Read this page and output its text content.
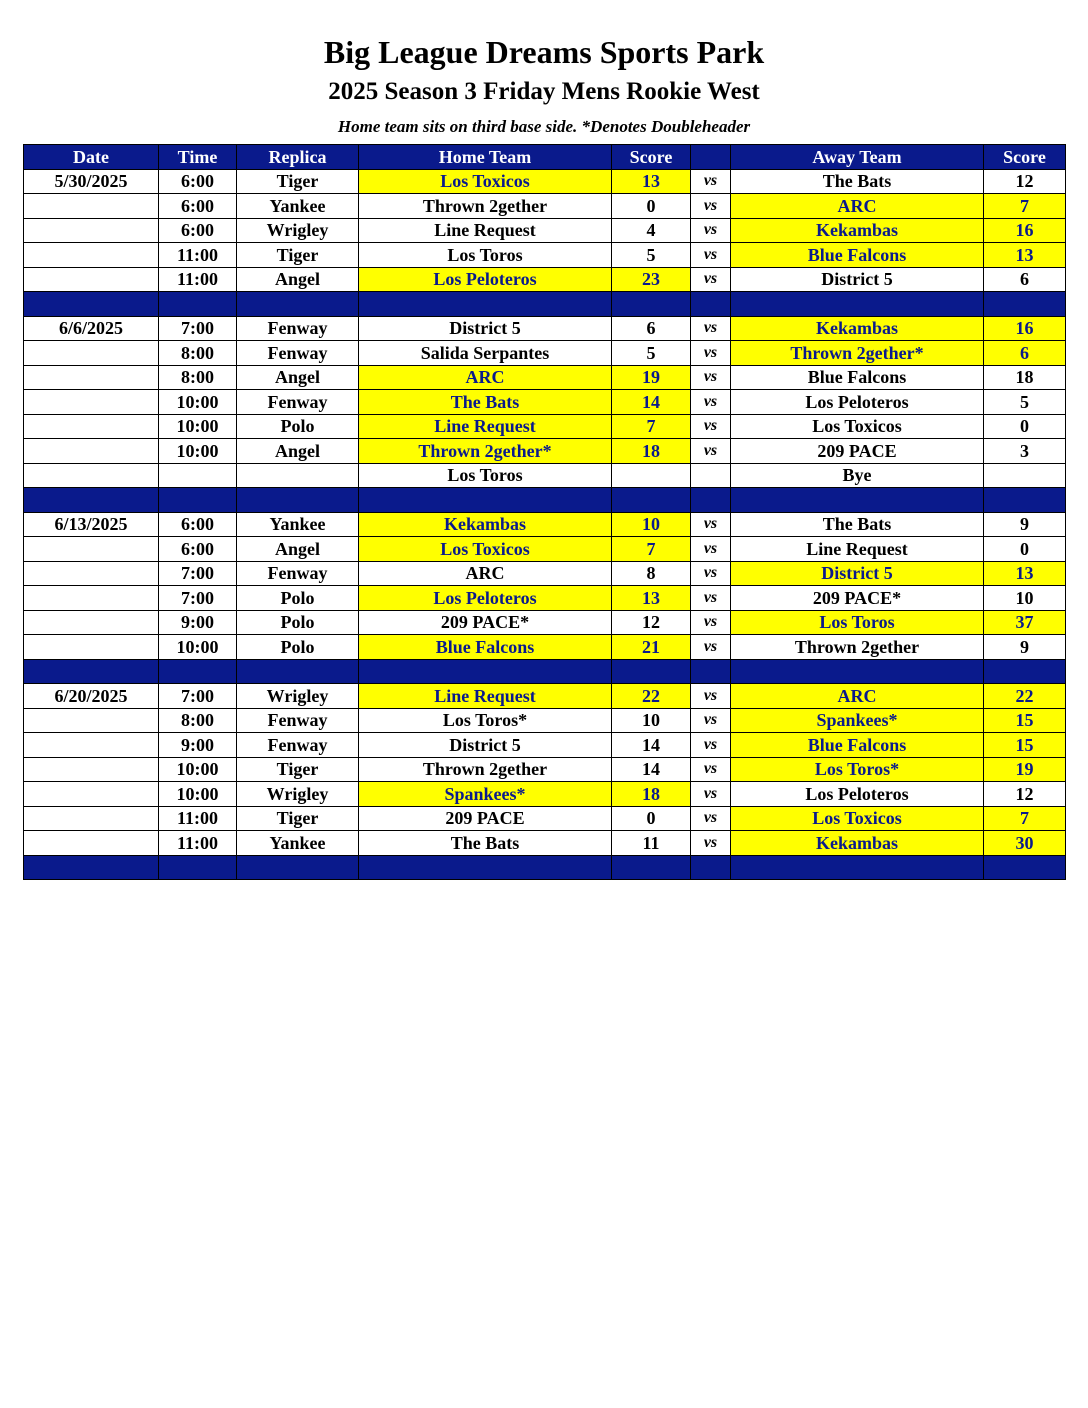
Big League Dreams Sports Park
2025 Season 3 Friday Mens Rookie West
Home team sits on third base side. *Denotes Doubleheader
Date	Time	Replica	Home Team	Score		Away Team	Score
5/30/2025	6:00	Tiger	Los Toxicos	13	vs	The Bats	12
	6:00	Yankee	Thrown 2gether	0	vs	ARC	7
	6:00	Wrigley	Line Request	4	vs	Kekambas	16
	11:00	Tiger	Los Toros	5	vs	Blue Falcons	13
	11:00	Angel	Los Peloteros	23	vs	District 5	6

6/6/2025	7:00	Fenway	District 5	6	vs	Kekambas	16
	8:00	Fenway	Salida Serpantes	5	vs	Thrown 2gether*	6
	8:00	Angel	ARC	19	vs	Blue Falcons	18
	10:00	Fenway	The Bats	14	vs	Los Peloteros	5
	10:00	Polo	Line Request	7	vs	Los Toxicos	0
	10:00	Angel	Thrown 2gether*	18	vs	209 PACE	3
			Los Toros			Bye	

6/13/2025	6:00	Yankee	Kekambas	10	vs	The Bats	9
	6:00	Angel	Los Toxicos	7	vs	Line Request	0
	7:00	Fenway	ARC	8	vs	District 5	13
	7:00	Polo	Los Peloteros	13	vs	209 PACE*	10
	9:00	Polo	209 PACE*	12	vs	Los Toros	37
	10:00	Polo	Blue Falcons	21	vs	Thrown 2gether	9

6/20/2025	7:00	Wrigley	Line Request	22	vs	ARC	22
	8:00	Fenway	Los Toros*	10	vs	Spankees*	15
	9:00	Fenway	District 5	14	vs	Blue Falcons	15
	10:00	Tiger	Thrown 2gether	14	vs	Los Toros*	19
	10:00	Wrigley	Spankees*	18	vs	Los Peloteros	12
	11:00	Tiger	209 PACE	0	vs	Los Toxicos	7
	11:00	Yankee	The Bats	11	vs	Kekambas	30
